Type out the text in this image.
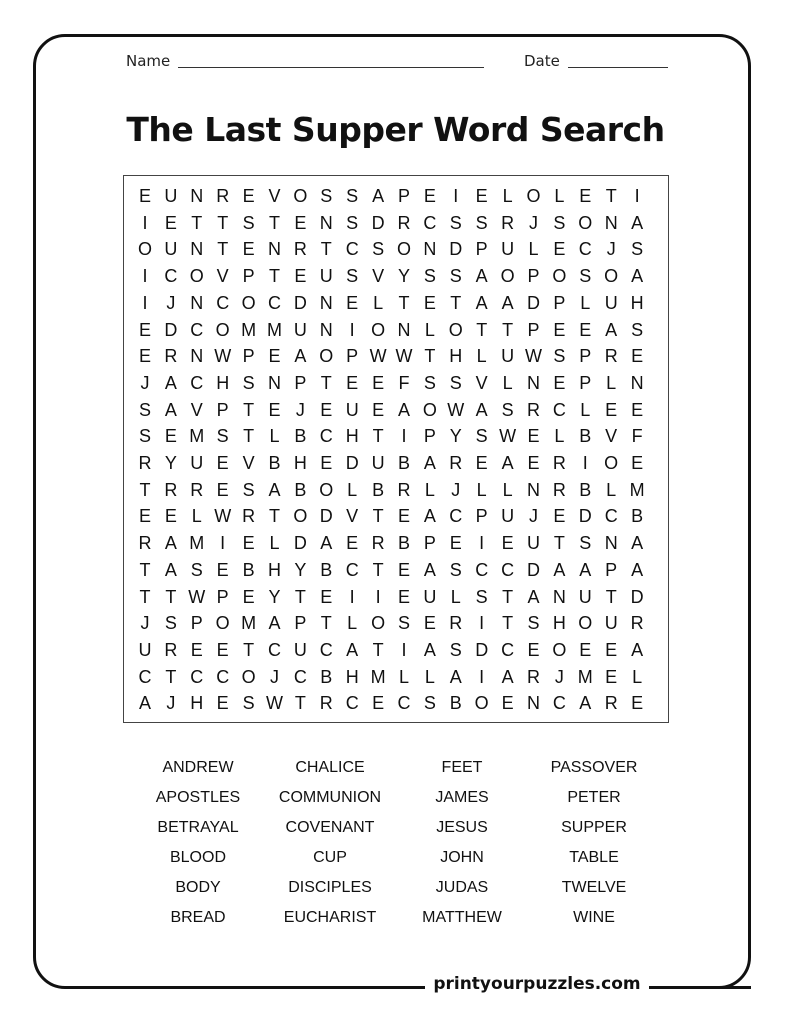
Name	Date
The Last Supper Word Search
E U N R E V O S S A P E I E L O L E T I
I E T T S T E N S D R C S S R J S O N A
O U N T E N R T C S O N D P U L E C J S
I C O V P T E U S V Y S S A O P O S O A
I	J N C O C D N E L T E T A A D P L U H
E D C O M M U N I O N L O T T P E E A S
E R N W P E A O P W W T H L U W S P R E
J A C H S N P T E E F S S V L N E P L N
S A V P T E J E U E A O W A S R C L E E
S E M S T L B C H T I P Y S W E L B V F
R Y U E V B H E D U B A R E A E R I O E
T R R E S A B O L B R L J L L N R B L M
E E L W R T O D V T E A C P U J E D C B
R A M I E L D A E R B P E I E U T S N A
T A S E B H Y B C T E A S C C D A A P A
T T W P E Y T E I	I E U L S T A N U T D
J S P O M A P T L O S E R I T S H O U R
U R E E T C U C A T I A S D C E O E E A
C T C C O J C B H M L L A I A R J M E L
A J H E S W T R C E C S B O E N C A R E
ANDREW	CHALICE	FEET	PASSOVER
APOSTLES	COMMUNION	JAMES	PETER
BETRAYAL	COVENANT	JESUS	SUPPER
BLOOD	CUP	JOHN	TABLE
BODY	DISCIPLES	JUDAS	TWELVE
BREAD	EUCHARIST	MATTHEW	WINE
printyourpuzzles.com
